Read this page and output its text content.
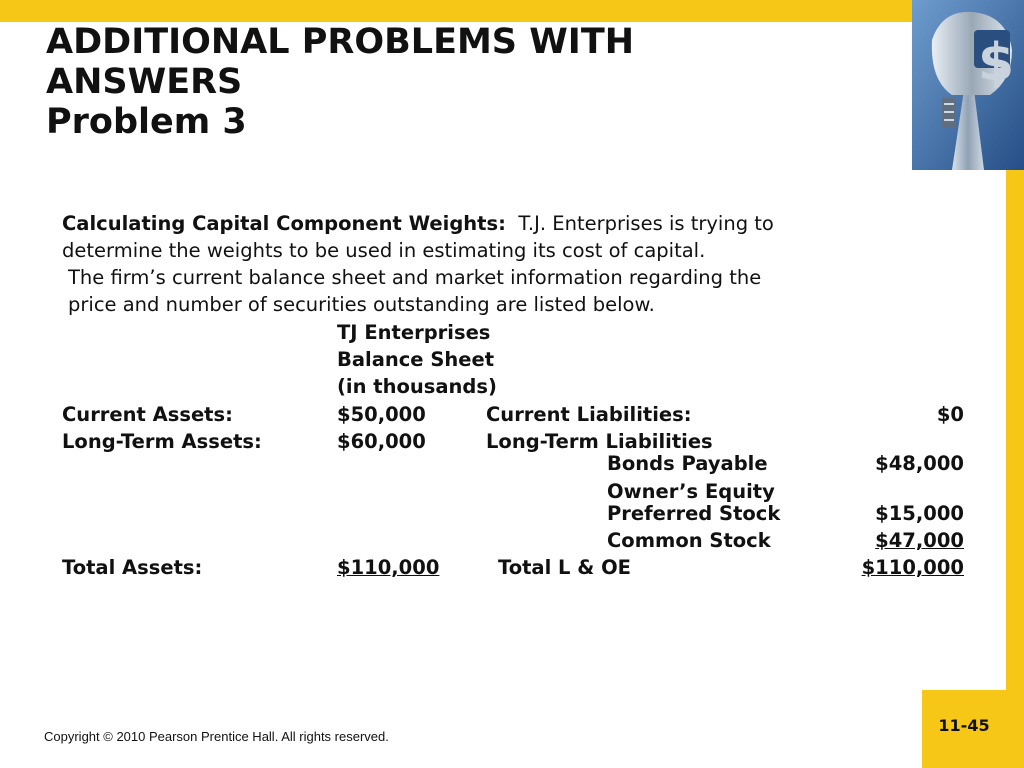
$
ADDITIONAL PROBLEMS WITH
ANSWERS
Problem 3
Calculating Capital Component Weights: T.J. Enterprises is trying to
determine the weights to be used in estimating its cost of capital.
The firm’s current balance sheet and market information regarding the
price and number of securities outstanding are listed below.
TJ Enterprises
Balance Sheet
(in thousands)
Current Assets:	$50,000	Current Liabilities:	$0
Long-Term Assets:	$60,000	Long-Term Liabilities
Bonds Payable	$48,000
Owner’s Equity
Preferred Stock	$15,000
Common Stock	$47,000
Total Assets:	$110,000	Total L & OE	$110,000
11-45
Copyright © 2010 Pearson Prentice Hall. All rights reserved.
